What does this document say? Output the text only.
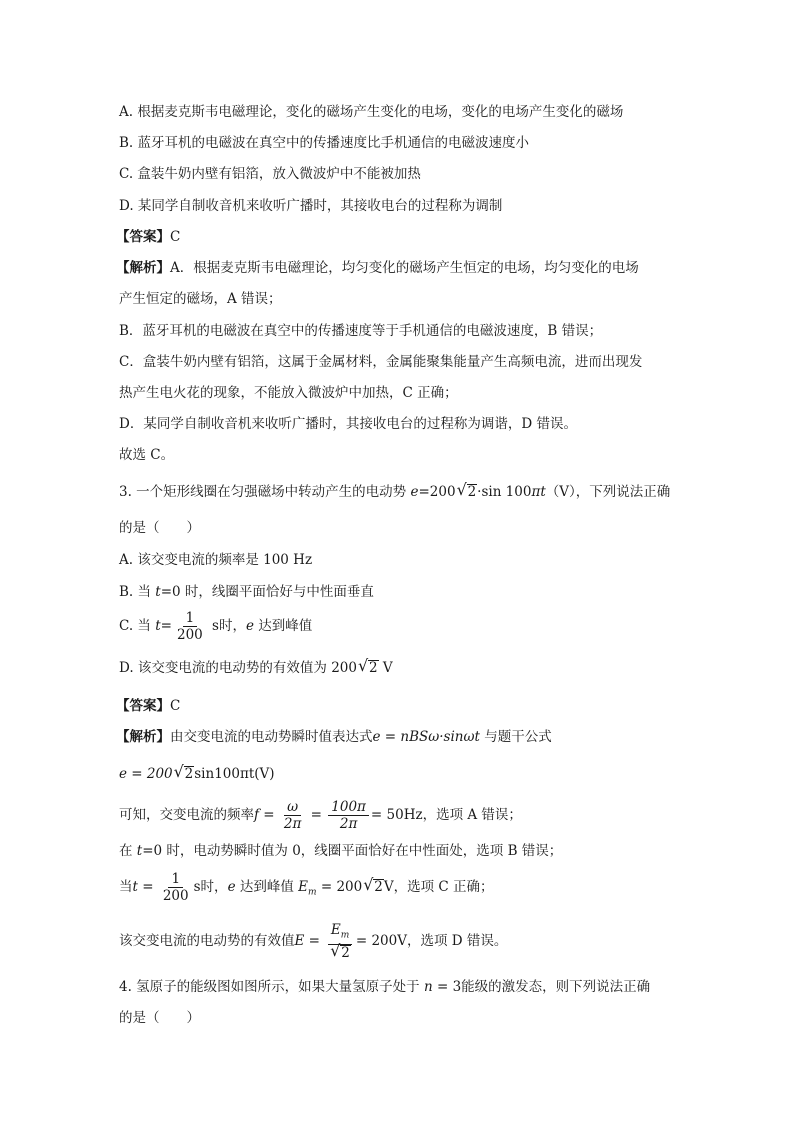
A. 根据麦克斯韦电磁理论，变化的磁场产生变化的电场，变化的电场产生变化的磁场
B. 蓝牙耳机的电磁波在真空中的传播速度比手机通信的电磁波速度小
C. 盒装牛奶内壁有铝箔，放入微波炉中不能被加热
D. 某同学自制收音机来收听广播时，其接收电台的过程称为调制
【答案】C
【解析】A．根据麦克斯韦电磁理论，均匀变化的磁场产生恒定的电场，均匀变化的电场
产生恒定的磁场，A 错误；
B．蓝牙耳机的电磁波在真空中的传播速度等于手机通信的电磁波速度，B 错误；
C．盒装牛奶内壁有铝箔，这属于金属材料，金属能聚集能量产生高频电流，进而出现发
热产生电火花的现象，不能放入微波炉中加热，C 正确；
D．某同学自制收音机来收听广播时，其接收电台的过程称为调谐，D 错误。
故选 C。
3. 一个矩形线圈在匀强磁场中转动产生的电动势 e=200√ 2·sin 100πt（V），下列说法正确
的是（　　）
A. 该交变电流的频率是 100 Hz
B. 当 t=0 时，线圈平面恰好与中性面垂直
C. 当 $t= \frac{1}{200}$ s时，e 达到峰值
D. 该交变电流的电动势的有效值为 200√ 2 V
【答案】C
【解析】由交变电流的电动势瞬时值表达式e = nBSω·sinωt 与题干公式
e = 200√ 2sin100πt(V)
可知，交变电流的频率$f = \frac{\omega}{2\pi} = \frac{100\pi}{2\pi} = 50Hz$，选项 A 错误；
在 t=0 时，电动势瞬时值为 0，线圈平面恰好在中性面处，选项 B 错误；
当$t = \frac{1}{200}$ s时，e 达到峰值 $E_m = 200√$ 2V，选项 C 正确；
该交变电流的电动势的有效值$E = E_m$
√ 2 = 200V，选项 D 错误。
4. 氢原子的能级图如图所示，如果大量氢原子处于 n = 3能级的激发态，则下列说法正确
的是（　　）
